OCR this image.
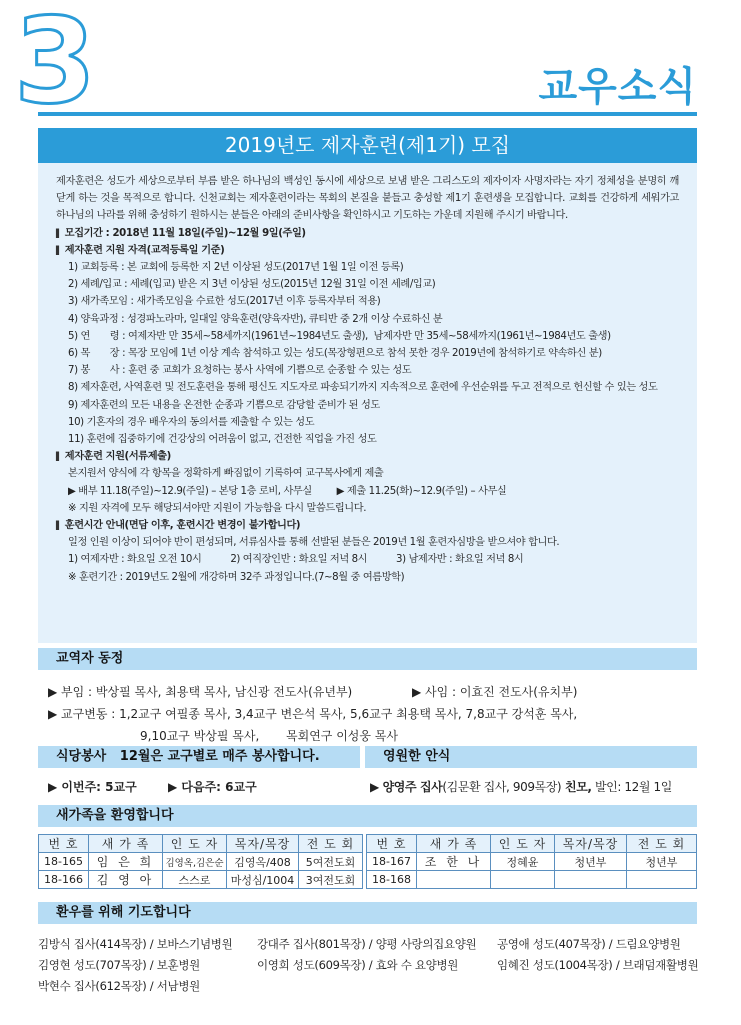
3	교우소식
2019년도 제자훈련(제1기) 모집

제자훈련은 성도가 세상으로부터 부름 받은 하나님의 백성인 동시에 세상으로 보냄 받은 그리스도의 제자이자 사명자라는 자기 정체성을 분명히 깨닫게 하는 것을 목적으로 합니다. 신천교회는 제자훈련이라는 목회의 본질을 붙들고 충성할 제1기 훈련생을 모집합니다. 교회를 건강하게 세워가고 하나님의 나라를 위해 충성하기 원하시는 분들은 아래의 준비사항을 확인하시고 기도하는 가운데 지원해 주시기 바랍니다.

▌ 모집기간 : 2018년 11월 18일(주일)~12월 9일(주일)
▌ 제자훈련 지원 자격(교적등록일 기준)
1) 교회등록 : 본 교회에 등록한 지 2년 이상된 성도(2017년 1월 1일 이전 등록)
2) 세례/입교 : 세례(입교) 받은 지 3년 이상된 성도(2015년 12월 31일 이전 세례/입교)
3) 새가족모임 : 새가족모임을 수료한 성도(2017년 이후 등록자부터 적용)
4) 양육과정 : 성경파노라마, 일대일 양육훈련(양육자반), 큐티반 중 2개 이상 수료하신 분
5) 연       령 : 여제자반 만 35세~58세까지(1961년~1984년도 출생),  남제자반 만 35세~58세까지(1961년~1984년도 출생)
6) 목       장 : 목장 모임에 1년 이상 계속 참석하고 있는 성도(목장형편으로 참석 못한 경우 2019년에 참석하기로 약속하신 분)
7) 봉       사 : 훈련 중 교회가 요청하는 봉사 사역에 기쁨으로 순종할 수 있는 성도
8) 제자훈련, 사역훈련 및 전도훈련을 통해 평신도 지도자로 파송되기까지 지속적으로 훈련에 우선순위를 두고 전적으로 헌신할 수 있는 성도
9) 제자훈련의 모든 내용을 온전한 순종과 기쁨으로 감당할 준비가 된 성도
10) 기혼자의 경우 배우자의 동의서를 제출할 수 있는 성도
11) 훈련에 집중하기에 건강상의 어려움이 없고, 건전한 직업을 가진 성도
▌ 제자훈련 지원(서류제출)
본지원서 양식에 각 항목을 정확하게 빠짐없이 기록하여 교구목사에게 제출
▶ 배부 11.18(주일)~12.9(주일) – 본당 1층 로비, 사무실 ▶ 제출 11.25(화)~12.9(주일) – 사무실
※ 지원 자격에 모두 해당되셔야만 지원이 가능함을 다시 말씀드립니다.
▌ 훈련시간 안내(면담 이후, 훈련시간 변경이 불가합니다)
일정 인원 이상이 되어야 반이 편성되며, 서류심사를 통해 선발된 분들은 2019년 1월 훈련자심방을 받으셔야 합니다.
1) 여제자반 : 화요일 오전 10시	2) 여직장인반 : 화요일 저녁 8시	3) 남제자반 : 화요일 저녁 8시
※ 훈련기간 : 2019년도 2월에 개강하며 32주 과정입니다.(7~8월 중 여름방학)
교역자 동정
▶ 부임 : 박상필 목사, 최용택 목사, 남신광 전도사(유년부)	▶ 사임 : 이효진 전도사(유치부)
▶ 교구변동 : 1,2교구 여필종 목사, 3,4교구 변은석 목사, 5,6교구 최용택 목사, 7,8교구 강석훈 목사,
9,10교구 박상필 목사,       목회연구 이성웅 목사
식당봉사   12월은 교구별로 매주 봉사합니다.	영원한 안식
▶ 이번주: 5교구	▶ 다음주: 6교구	▶ 양영주 집사(김문환 집사, 909목장) 친모, 발인: 12월 1일
새가족을 환영합니다
번 호	새 가 족	인 도 자	목자/목장	전 도 회
18-165	임 은 희	김영옥,김은순	김영옥/408	5여전도회
18-166	김 영 아	스스로	마성심/1004	3여전도회
번 호	새 가 족	인 도 자	목자/목장	전 도 회
18-167	조 한 나	정혜윤	청년부	청년부
18-168				
환우를 위해 기도합니다
김방식 집사(414목장) / 보바스기념병원 강대주 집사(801목장) / 양평 사랑의집요양원 공영애 성도(407목장) / 드림요양병원
김영현 성도(707목장) / 보훈병원	이영희 성도(609목장) / 효와 수 요양병원	임혜진 성도(1004목장) / 브래덤재활병원
박현수 집사(612목장) / 서남병원
